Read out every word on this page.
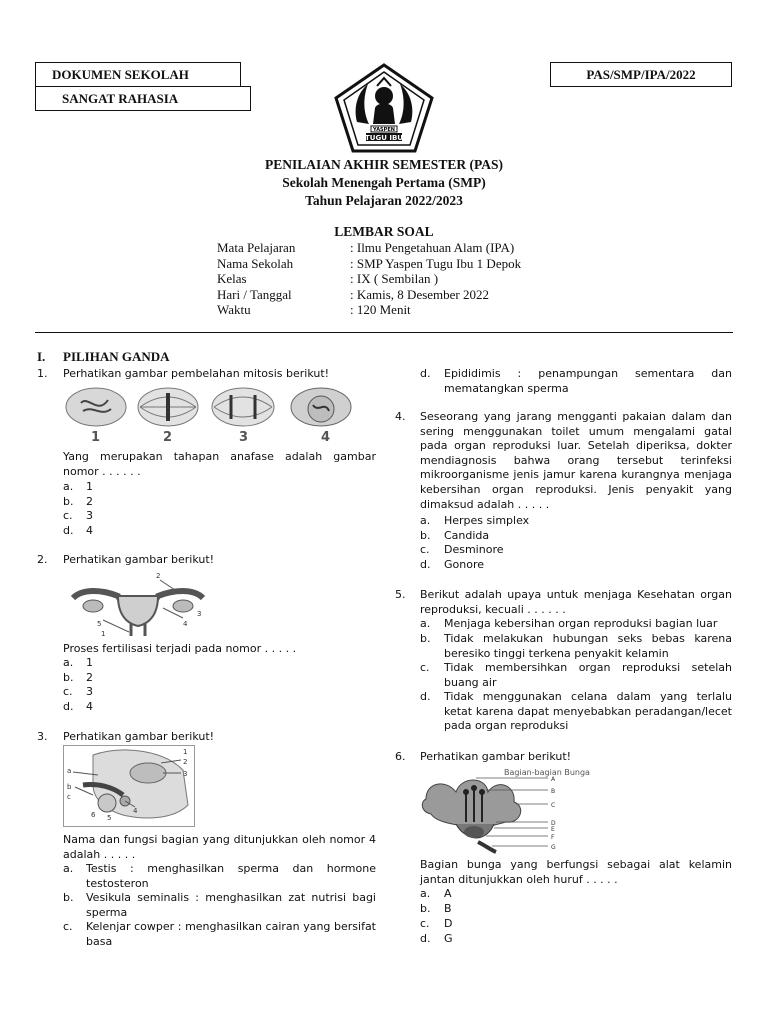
DOKUMEN SEKOLAH
SANGAT RAHASIA
PAS/SMP/IPA/2022
YASPEN
TUGU IBU
PENILAIAN AKHIR SEMESTER (PAS)
Sekolah Menengah Pertama (SMP)
Tahun Pelajaran 2022/2023
LEMBAR SOAL
Mata Pelajaran	: Ilmu Pengetahuan Alam (IPA)
Nama Sekolah	: SMP Yaspen Tugu Ibu 1 Depok
Kelas	: IX ( Sembilan )
Hari / Tanggal	: Kamis, 8 Desember 2022
Waktu	: 120 Menit
I. PILIHAN GANDA
1. Perhatikan gambar pembelahan mitosis berikut!
1	2	3	4
Yang merupakan tahapan anafase adalah gambar nomor . . . . . .
a. 1
b. 2
c. 3
d. 4
2. Perhatikan gambar berikut!
1
2
3
4
5
Proses fertilisasi terjadi pada nomor . . . . .
a. 1
b. 2
c. 3
d. 4
3. Perhatikan gambar berikut!
a
b
c
1
2
3
4
5
6
Nama dan fungsi bagian yang ditunjukkan oleh nomor 4 adalah . . . . .
a. Testis : menghasilkan sperma dan hormone testosteron
b. Vesikula seminalis : menghasilkan zat nutrisi bagi sperma
c. Kelenjar cowper : menghasilkan cairan yang bersifat basa
d. Epididimis : penampungan sementara dan mematangkan sperma
4. Seseorang yang jarang mengganti pakaian dalam dan sering menggunakan toilet umum mengalami gatal pada organ reproduksi luar. Setelah diperiksa, dokter mendiagnosis bahwa orang tersebut terinfeksi mikroorganisme jenis jamur karena kurangnya menjaga kebersihan organ reproduksi. Jenis penyakit yang dimaksud adalah . . . . .
a. Herpes simplex
b. Candida
c. Desminore
d. Gonore
5. Berikut adalah upaya untuk menjaga Kesehatan organ reproduksi, kecuali . . . . . .
a. Menjaga kebersihan organ reproduksi bagian luar
b. Tidak melakukan hubungan seks bebas karena beresiko tinggi terkena penyakit kelamin
c. Tidak membersihkan organ reproduksi setelah buang air
d. Tidak menggunakan celana dalam yang terlalu ketat karena dapat menyebabkan peradangan/lecet pada organ reproduksi
6. Perhatikan gambar berikut!
Bagian-bagian Bunga
A
B
C
D
E
F
G
Bagian bunga yang berfungsi sebagai alat kelamin jantan ditunjukkan oleh huruf . . . . .
a. A
b. B
c. D
d. G
